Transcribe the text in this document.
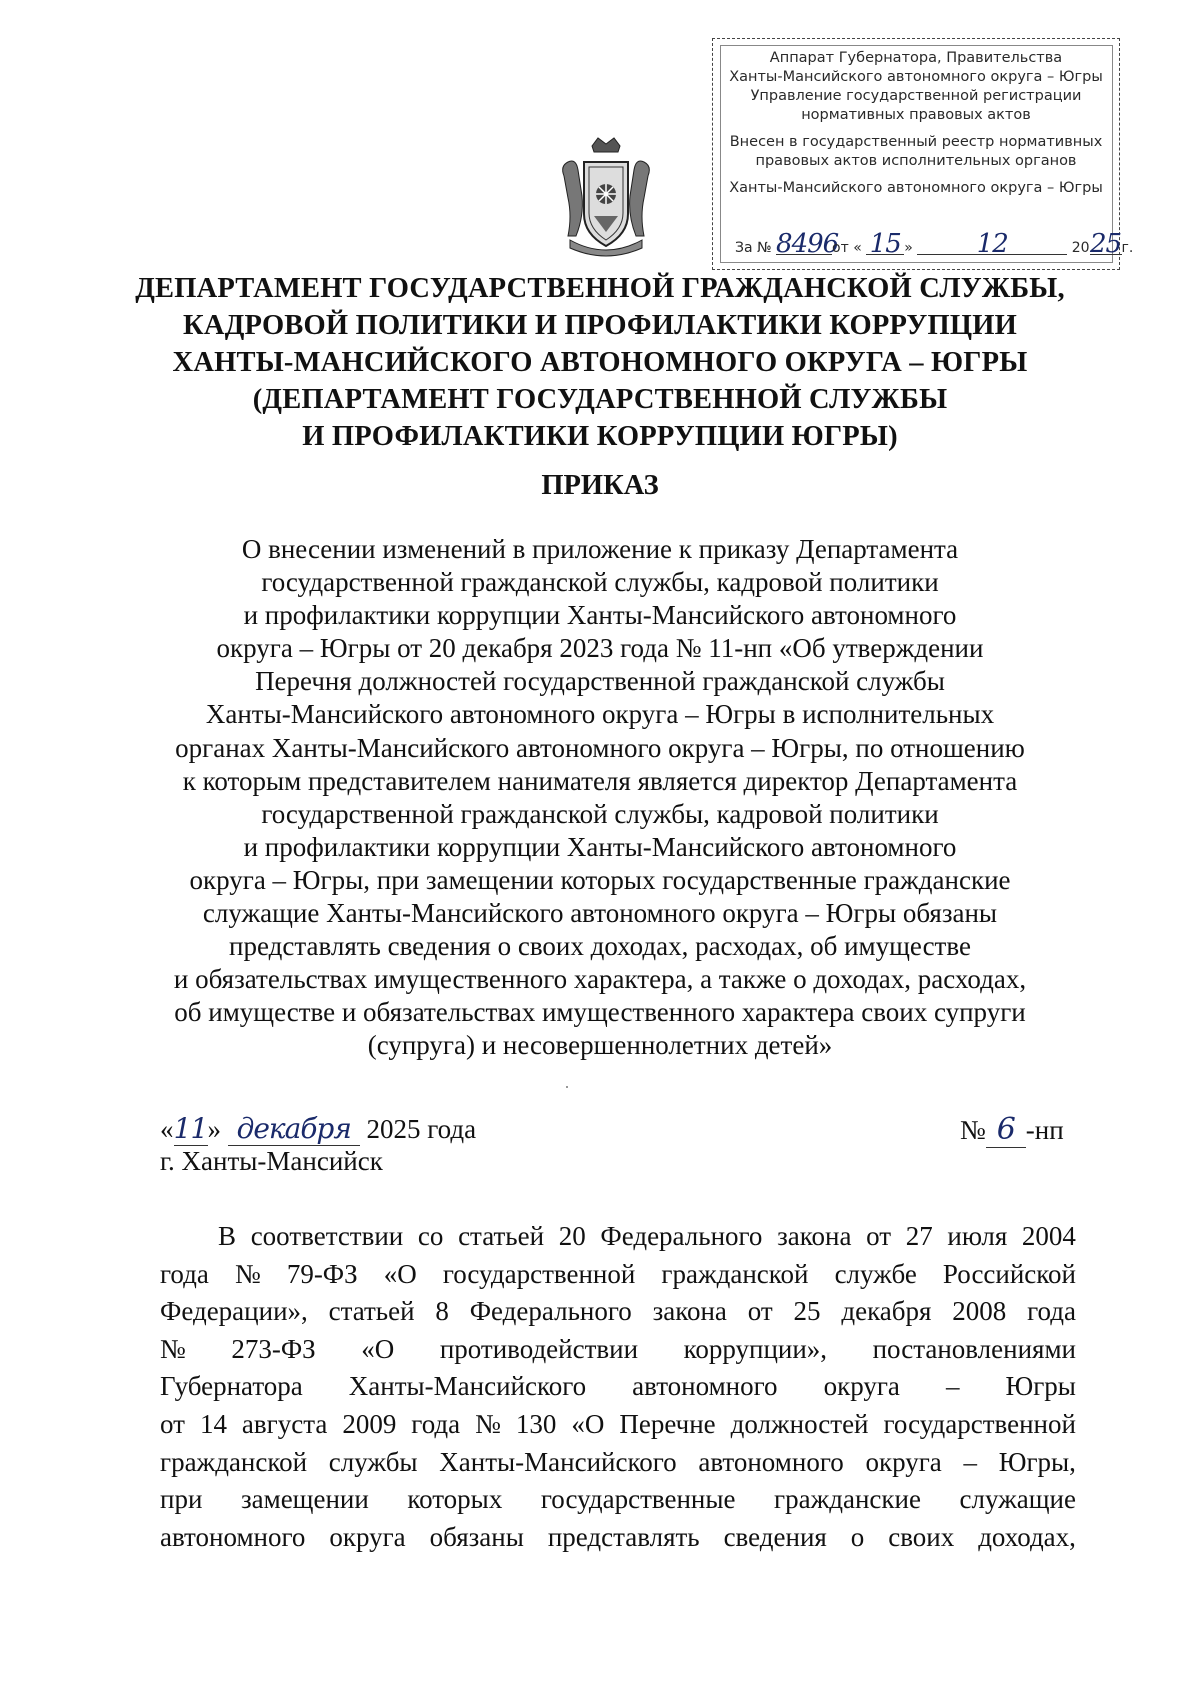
Аппарат Губернатора, Правительства
Ханты-Мансийского автономного округа – Югры
Управление государственной регистрации
нормативных правовых актов
Внесен в государственный реестр нормативных
правовых актов исполнительных органов
Ханты-Мансийского автономного округа – Югры
За № 8496от « 15 » 12	2025г.
ДЕПАРТАМЕНТ ГОСУДАРСТВЕННОЙ ГРАЖДАНСКОЙ СЛУЖБЫ,
КАДРОВОЙ ПОЛИТИКИ И ПРОФИЛАКТИКИ КОРРУПЦИИ
ХАНТЫ-МАНСИЙСКОГО АВТОНОМНОГО ОКРУГА – ЮГРЫ
(ДЕПАРТАМЕНТ ГОСУДАРСТВЕННОЙ СЛУЖБЫ
И ПРОФИЛАКТИКИ КОРРУПЦИИ ЮГРЫ)
ПРИКАЗ
О внесении изменений в приложение к приказу Департамента
государственной гражданской службы, кадровой политики
и профилактики коррупции Ханты-Мансийского автономного
округа – Югры от 20 декабря 2023 года № 11-нп «Об утверждении
Перечня должностей государственной гражданской службы
Ханты-Мансийского автономного округа – Югры в исполнительных
органах Ханты-Мансийского автономного округа – Югры, по отношению
к которым представителем нанимателя является директор Департамента
государственной гражданской службы, кадровой политики
и профилактики коррупции Ханты-Мансийского автономного
округа – Югры, при замещении которых государственные гражданские
служащие Ханты-Мансийского автономного округа – Югры обязаны
представлять сведения о своих доходах, расходах, об имуществе
и обязательствах имущественного характера, а также о доходах, расходах,
об имуществе и обязательствах имущественного характера своих супруги
(супруга) и несовершеннолетних детей»
«11» декабря 2025 года
г. Ханты-Мансийск
№ 6 -нп
В соответствии со статьей 20 Федерального закона от 27 июля 2004
года № 79-ФЗ «О государственной гражданской службе Российской
Федерации», статьей 8 Федерального закона от 25 декабря 2008 года
№ 273-ФЗ «О противодействии коррупции», постановлениями
Губернатора Ханты-Мансийского автономного округа – Югры
от 14 августа 2009 года № 130 «О Перечне должностей государственной
гражданской службы Ханты-Мансийского автономного округа – Югры,
при замещении которых государственные гражданские служащие
автономного округа обязаны представлять сведения о своих доходах,
